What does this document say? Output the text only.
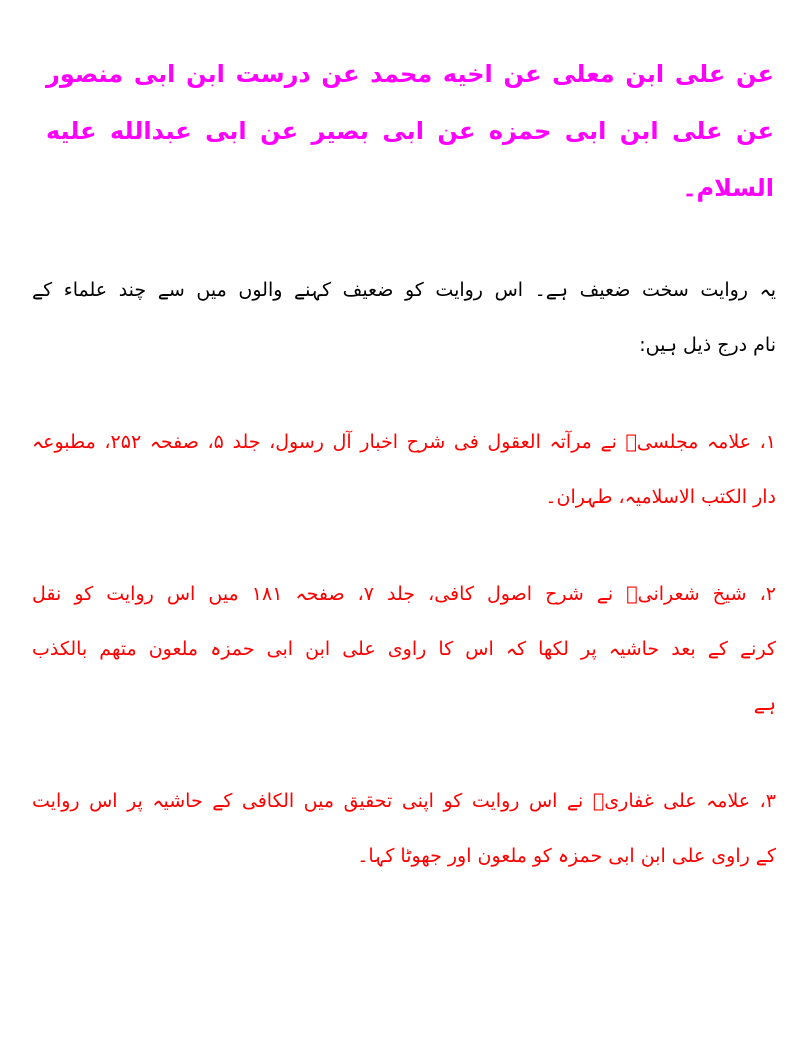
عن علی ابن معلی عن اخیه محمد عن درست ابن ابی منصور
عن علی ابن ابی حمزه عن ابی بصیر عن ابی عبدالله علیه
السلام۔
یہ روایت سخت ضعیف ہے۔ اس روایت کو ضعیف کہنے والوں میں سے چند علماء کے
نام درج ذیل ہیں:
۱، علامہ مجلسیؒ نے مرآتہ العقول فی شرح اخبار آل رسول، جلد ۵، صفحہ ۲۵۲، مطبوعہ
دار الکتب الاسلامیہ، طہران۔
۲، شیخ شعرانیؒ نے شرح اصول کافی، جلد ۷، صفحہ ۱۸۱ میں اس روایت کو نقل
کرنے کے بعد حاشیہ پر لکھا کہ اس کا راوی علی ابن ابی حمزہ ملعون متھم بالکذب
ہے
۳، علامہ علی غفاریؒ نے اس روایت کو اپنی تحقیق میں الکافی کے حاشیہ پر اس روایت
کے راوی علی ابن ابی حمزہ کو ملعون اور جھوٹا کہا۔
